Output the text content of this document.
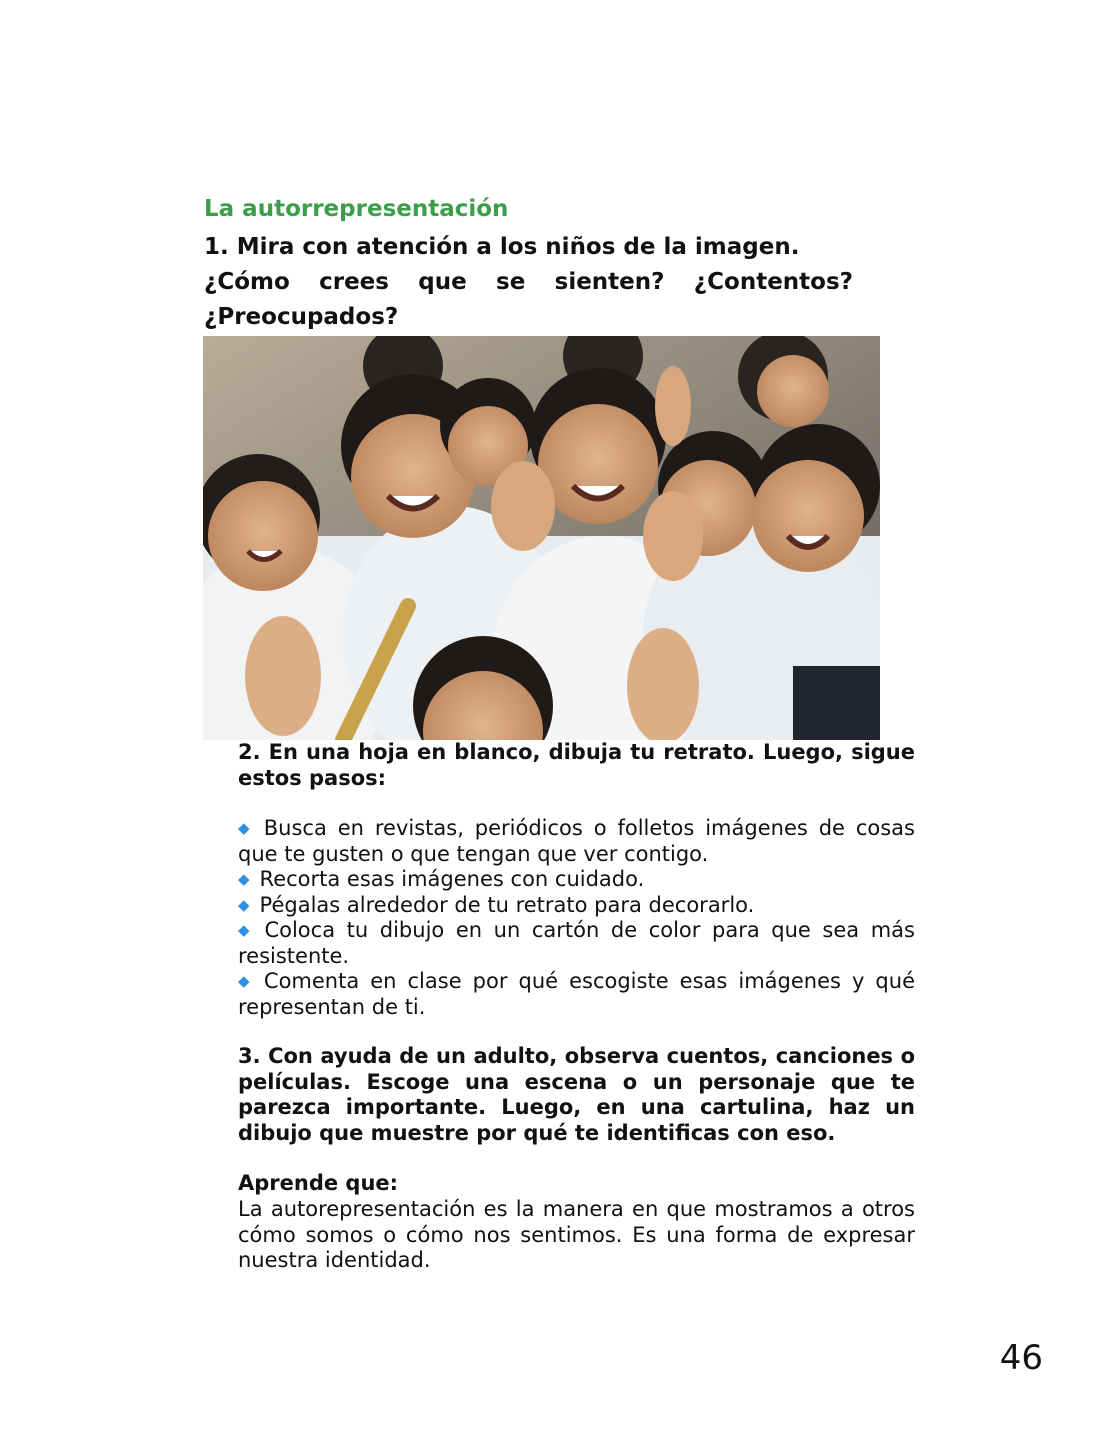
La autorrepresentación

1. Mira con atención a los niños de la imagen.

¿Cómo crees que se sienten? ¿Contentos?
¿Preocupados?

2. En una hoja en blanco, dibuja tu retrato. Luego, sigue estos pasos:

◆ Busca en revistas, periódicos o folletos imágenes de cosas que te gusten o que tengan que ver contigo.
◆ Recorta esas imágenes con cuidado.
◆ Pégalas alrededor de tu retrato para decorarlo.
◆ Coloca tu dibujo en un cartón de color para que sea más resistente.
◆ Comenta en clase por qué escogiste esas imágenes y qué representan de ti.

3. Con ayuda de un adulto, observa cuentos, canciones o películas. Escoge una escena o un personaje que te parezca importante. Luego, en una cartulina, haz un dibujo que muestre por qué te identificas con eso.

Aprende que:

La autorepresentación es la manera en que mostramos a otros cómo somos o cómo nos sentimos. Es una forma de expresar nuestra identidad.

46
